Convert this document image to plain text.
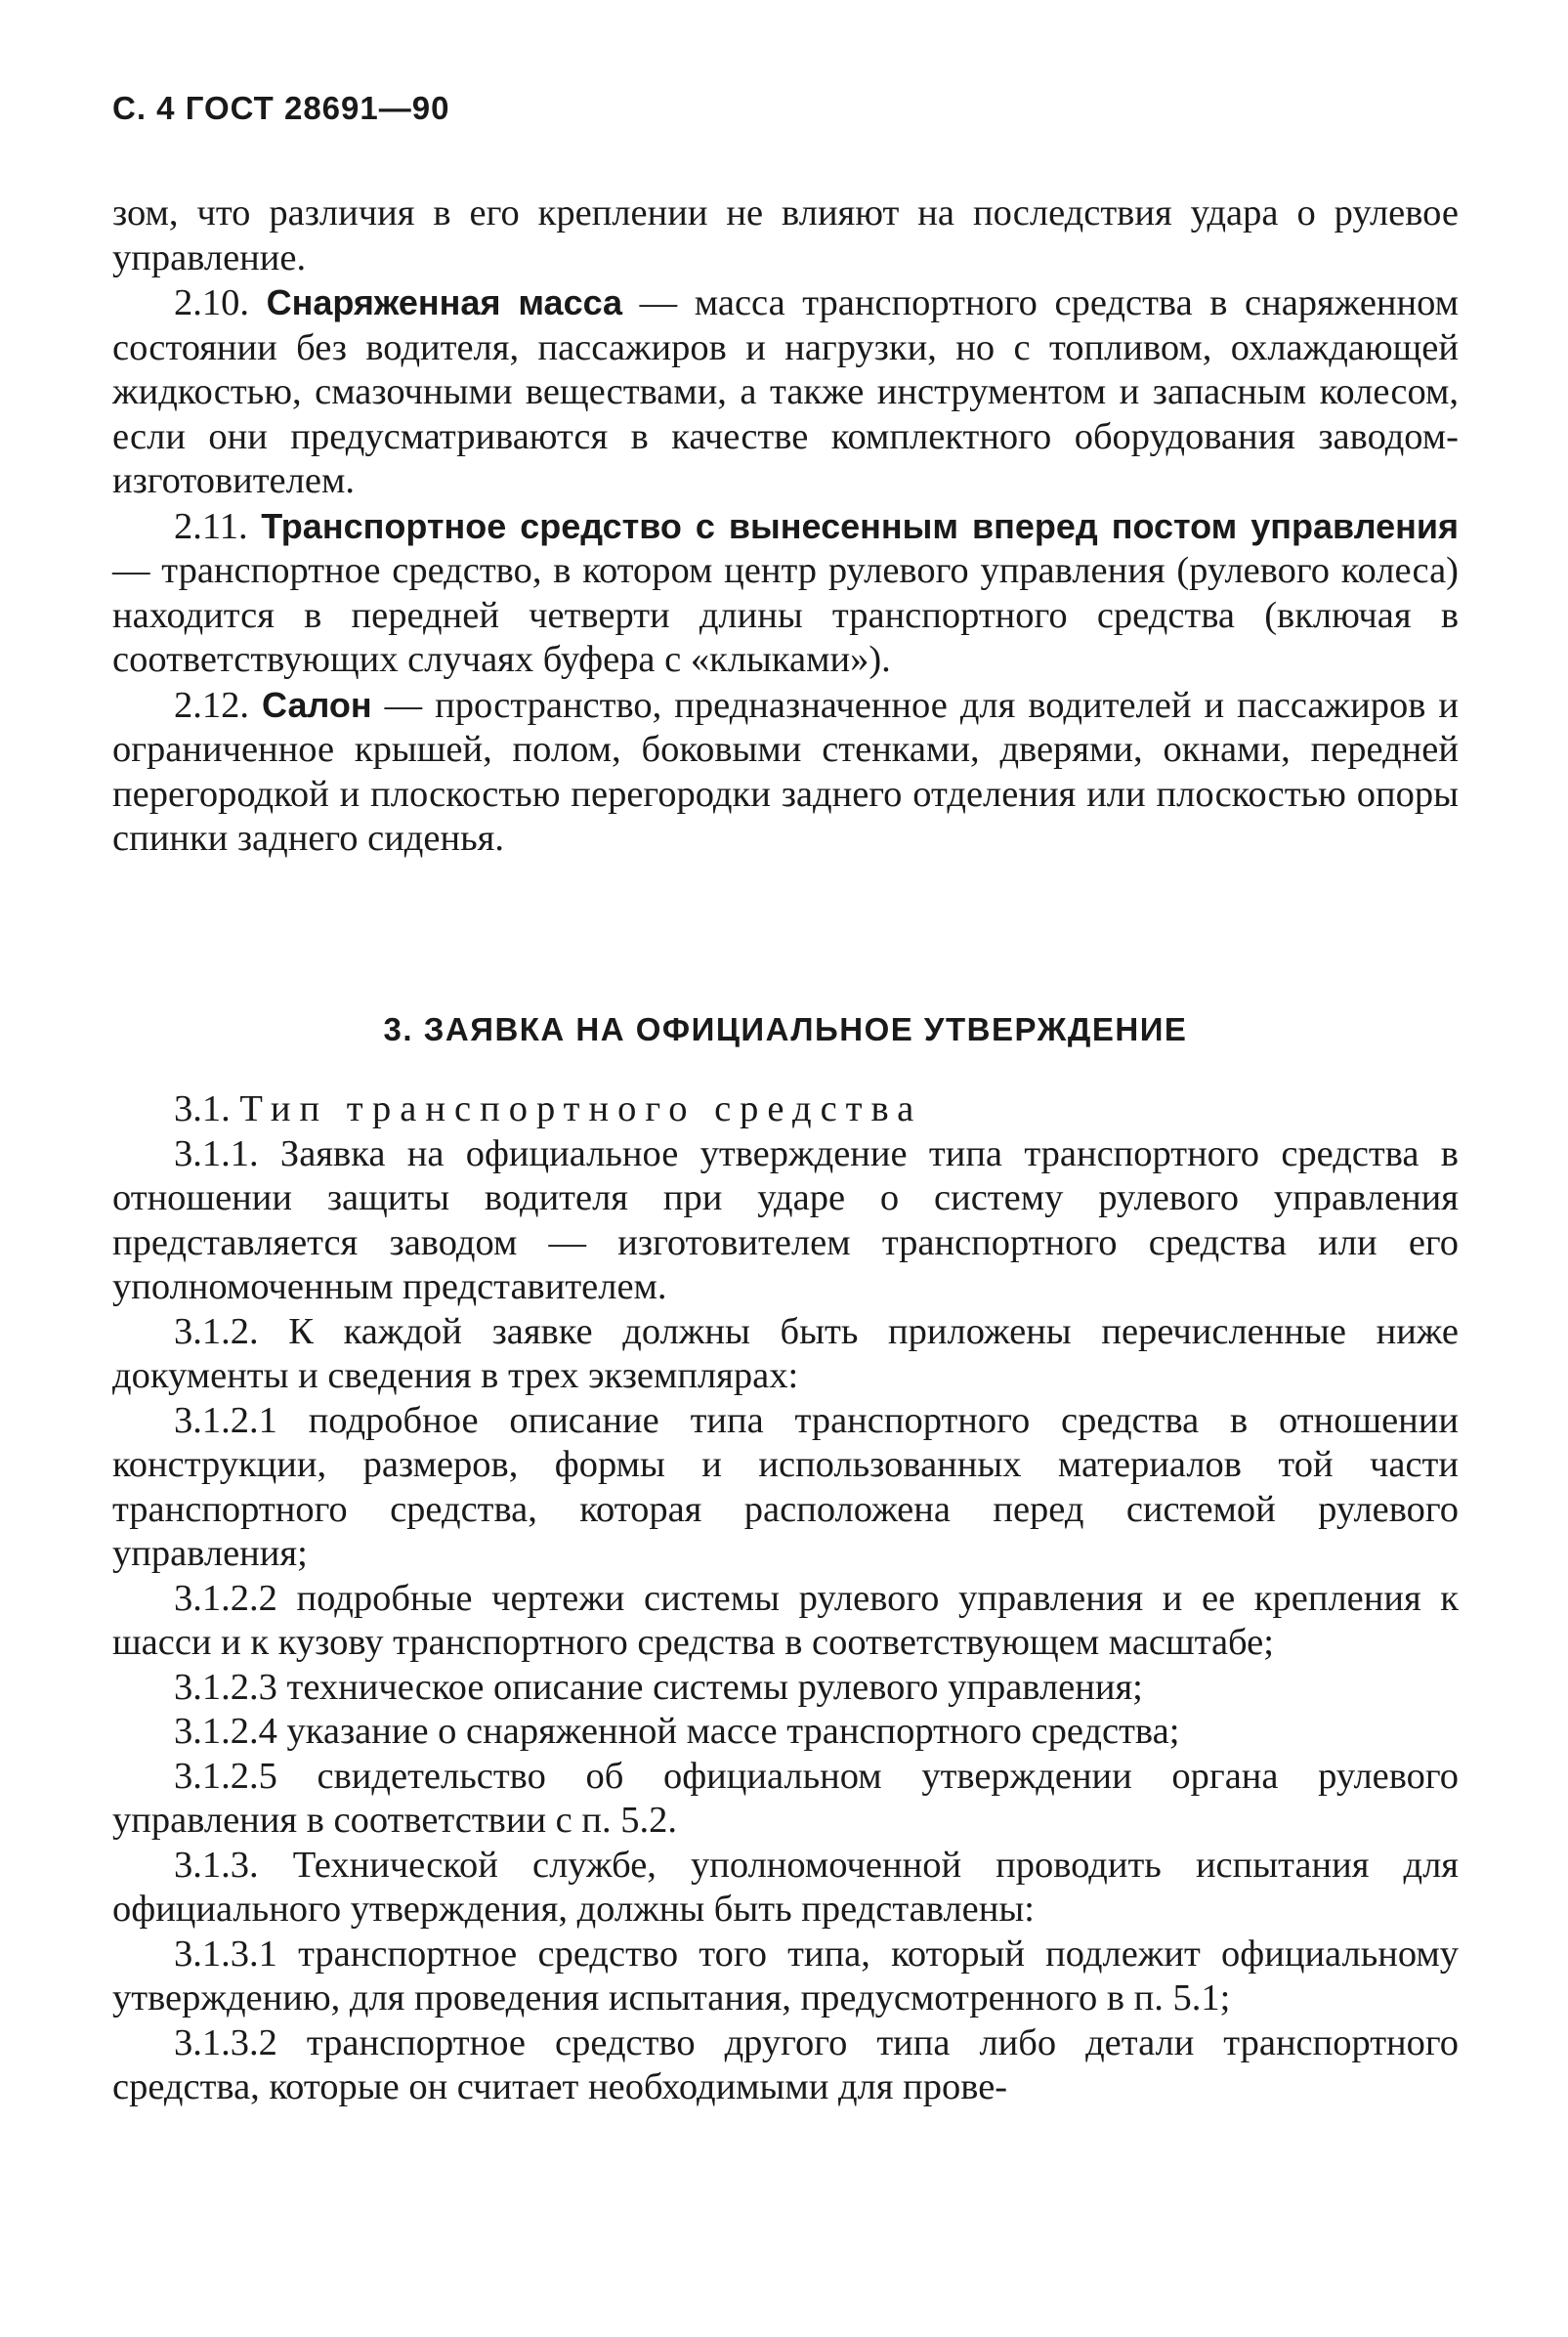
С. 4 ГОСТ 28691—90

зом, что различия в его креплении не влияют на последствия удара о рулевое управление.

2.10. Снаряженная масса — масса транспортного средства в снаряженном состоянии без водителя, пассажиров и нагрузки, но с топливом, охлаждающей жидкостью, смазочными веществами, а также инструментом и запасным колесом, если они предусматриваются в качестве комплектного оборудования заводом-изготовителем.

2.11. Транспортное средство с вынесенным вперед постом управления — транспортное средство, в котором центр рулевого управления (рулевого колеса) находится в передней четверти длины транспортного средства (включая в соответствующих случаях буфера с «клыками»).

2.12. Салон — пространство, предназначенное для водителей и пассажиров и ограниченное крышей, полом, боковыми стенками, дверями, окнами, передней перегородкой и плоскостью перегородки заднего отделения или плоскостью опоры спинки заднего сиденья.

3. ЗАЯВКА НА ОФИЦИАЛЬНОЕ УТВЕРЖДЕНИЕ

3.1. Тип транспортного средства

3.1.1. Заявка на официальное утверждение типа транспортного средства в отношении защиты водителя при ударе о систему рулевого управления представляется заводом — изготовителем транспортного средства или его уполномоченным представителем.

3.1.2. К каждой заявке должны быть приложены перечисленные ниже документы и сведения в трех экземплярах:

3.1.2.1 подробное описание типа транспортного средства в отношении конструкции, размеров, формы и использованных материалов той части транспортного средства, которая расположена перед системой рулевого управления;

3.1.2.2 подробные чертежи системы рулевого управления и ее крепления к шасси и к кузову транспортного средства в соответствующем масштабе;

3.1.2.3 техническое описание системы рулевого управления;

3.1.2.4 указание о снаряженной массе транспортного средства;

3.1.2.5 свидетельство об официальном утверждении органа рулевого управления в соответствии с п. 5.2.

3.1.3. Технической службе, уполномоченной проводить испытания для официального утверждения, должны быть представлены:

3.1.3.1 транспортное средство того типа, который подлежит официальному утверждению, для проведения испытания, предусмотренного в п. 5.1;

3.1.3.2 транспортное средство другого типа либо детали транспортного средства, которые он считает необходимыми для прове-
